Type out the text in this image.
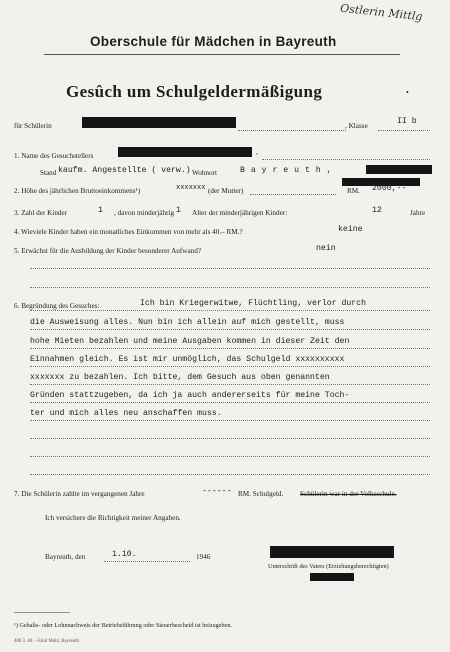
Ostlerin Mittlg
Oberschule für Mädchen in Bayreuth
Gesûch um Schulgeldermäßigung	•
für Schülerin	, Klasse	II b
1. Name des Gesuchstellers	,
Stand kaufm. Angestellte ( verw.) Wohnort	B a y r e u t h ,
2. Höhe des jährlichen Bruttoeinkommens¹)	xxxxxxx (der Mutter)	RM. 2000,--
3. Zahl der Kinder	1 , davon minderjährig 1 Alter der minderjährigen Kinder:	12	Jahre
4. Wieviele Kinder haben ein monatliches Einkommen von mehr als 40.– RM.?	keine
5. Erwächst für die Ausbildung der Kinder besonderer Aufwand?	nein
6. Begründung des Gesuches:	Ich bin Kriegerwitwe, Flüchtling, verlor durch
die Ausweisung alles. Nun bin ich allein auf mich gestellt, muss
hohe Mieten bezahlen und meine Ausgaben kommen in dieser Zeit den
Einnahmen gleich. Es ist mir unmöglich, das Schulgeld xxxxxxxxxx
xxxxxxx zu bezahlen. Ich bitte, dem Gesuch aus oben genannten
Gründen stattzugeben, da ich ja auch andererseits für meine Toch-
ter und mich alles neu anschaffen muss.
7. Die Schülerin zahlte im vergangenen Jahre	------ RM. Schulgeld. Schülerin war in der Volksschule.
Ich versichere die Richtigkeit meiner Angaben.
Bayreuth, den	1.10.	1946
Unterschrift des Vaters (Erziehungsberechtigten)
¹) Gehalts- oder Lohnnachweis der Betriebsführung oder Steuerbescheid ist beizugeben.
486 3. 40. – Emil Mühl, Bayreuth
